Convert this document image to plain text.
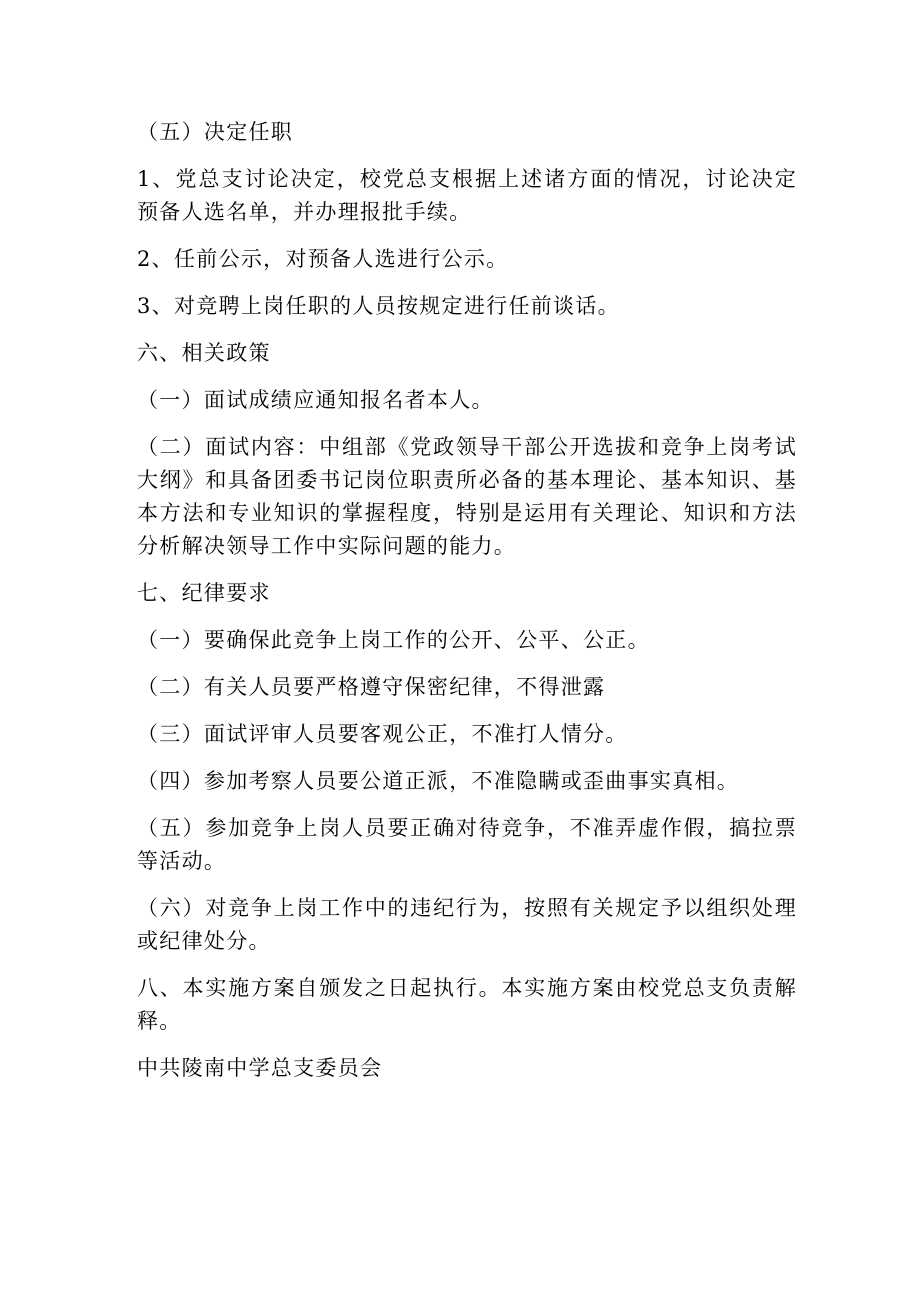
（五）决定任职

1、党总支讨论决定，校党总支根据上述诸方面的情况，讨论决定预备人选名单，并办理报批手续。

2、任前公示，对预备人选进行公示。

3、对竞聘上岗任职的人员按规定进行任前谈话。

六、相关政策

（一）面试成绩应通知报名者本人。

（二）面试内容：中组部《党政领导干部公开选拔和竞争上岗考试大纲》和具备团委书记岗位职责所必备的基本理论、基本知识、基本方法和专业知识的掌握程度，特别是运用有关理论、知识和方法分析解决领导工作中实际问题的能力。

七、纪律要求

（一）要确保此竞争上岗工作的公开、公平、公正。

（二）有关人员要严格遵守保密纪律，不得泄露

（三）面试评审人员要客观公正，不准打人情分。

（四）参加考察人员要公道正派，不准隐瞒或歪曲事实真相。

（五）参加竞争上岗人员要正确对待竞争，不准弄虚作假，搞拉票等活动。

（六）对竞争上岗工作中的违纪行为，按照有关规定予以组织处理或纪律处分。

八、本实施方案自颁发之日起执行。本实施方案由校党总支负责解释。

中共陵南中学总支委员会
